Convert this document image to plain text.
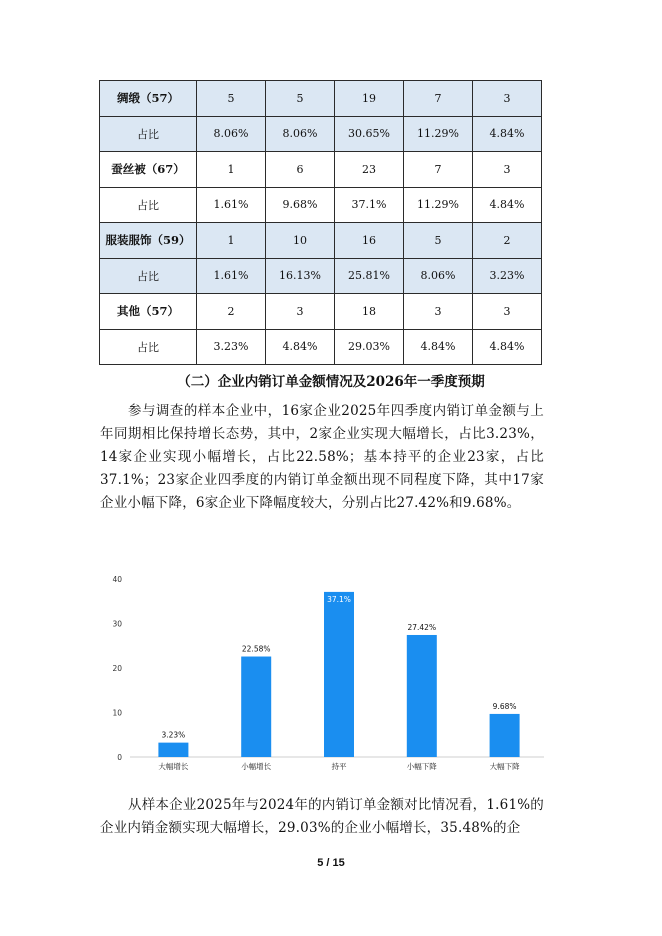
绸缎（57）	5	5	19	7	3
占比	8.06%	8.06%	30.65%	11.29%	4.84%
蚕丝被（67）	1	6	23	7	3
占比	1.61%	9.68%	37.1%	11.29%	4.84%
服装服饰（59）	1	10	16	5	2
占比	1.61%	16.13%	25.81%	8.06%	3.23%
其他（57）	2	3	18	3	3
占比	3.23%	4.84%	29.03%	4.84%	4.84%
（二）企业内销订单金额情况及2026年一季度预期

参与调查的样本企业中，16家企业2025年四季度内销订单金额与上年同期相比保持增长态势，其中，2家企业实现大幅增长，占比3.23%，14家企业实现小幅增长，占比22.58%；基本持平的企业23家，占比37.1%；23家企业四季度的内销订单金额出现不同程度下降，其中17家企业小幅下降，6家企业下降幅度较大，分别占比27.42%和9.68%。

0
10
20
30
40
3.23%
大幅增长
22.58%
小幅增长
37.1%
持平
27.42%
小幅下降
9.68%
大幅下降

从样本企业2025年与2024年的内销订单金额对比情况看，1.61%的企业内销金额实现大幅增长，29.03%的企业小幅增长，35.48%的企

5 / 15
